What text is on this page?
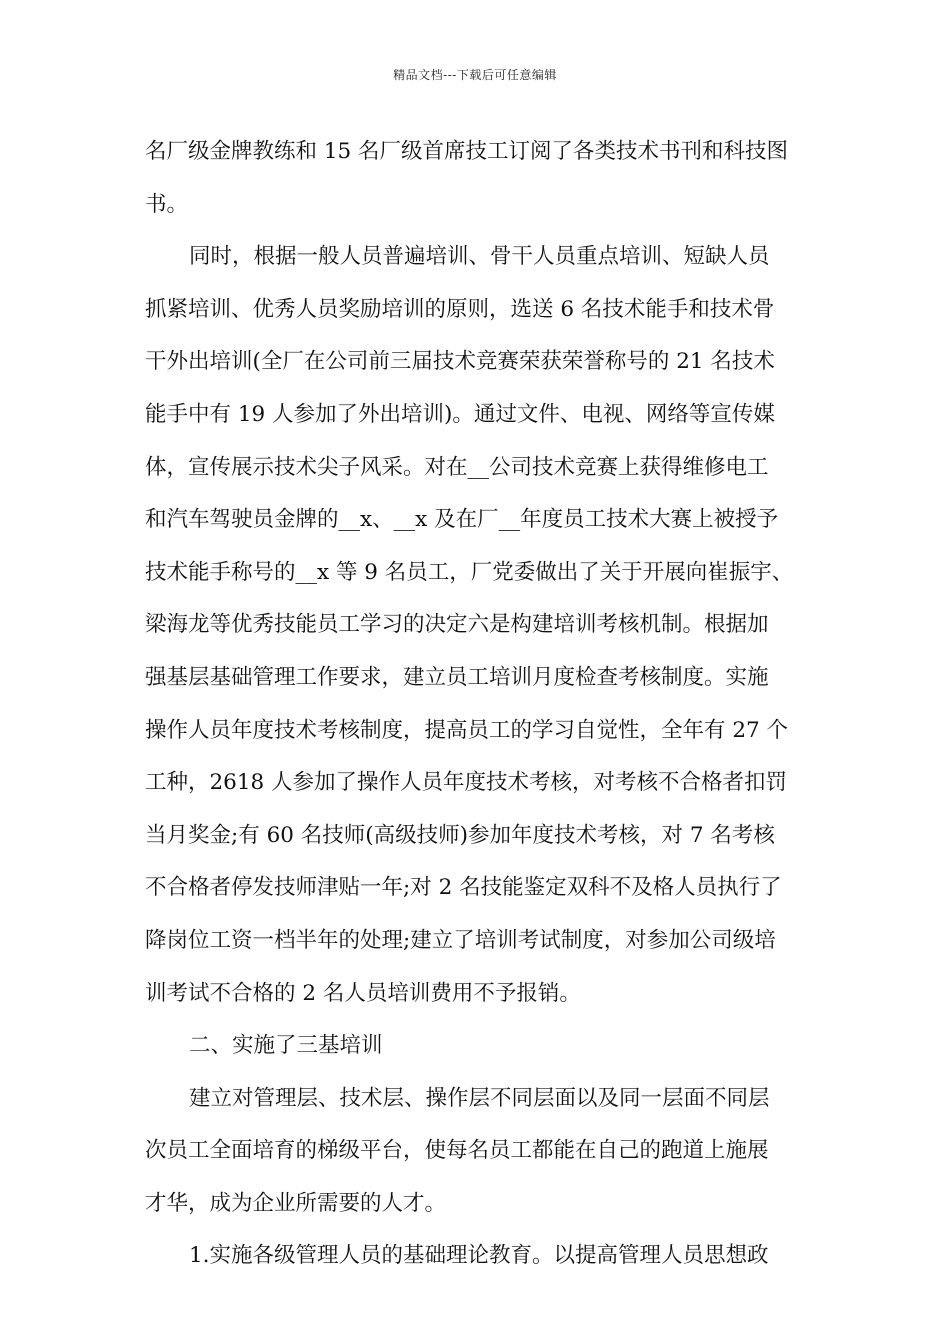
精品文档---下载后可任意编辑
名厂级金牌教练和 15 名厂级首席技工订阅了各类技术书刊和科技图
书。
同时，根据一般人员普遍培训、骨干人员重点培训、短缺人员
抓紧培训、优秀人员奖励培训的原则，选送 6 名技术能手和技术骨
干外出培训(全厂在公司前三届技术竞赛荣获荣誉称号的 21 名技术
能手中有 19 人参加了外出培训)。通过文件、电视、网络等宣传媒
体，宣传展示技术尖子风采。对在__公司技术竞赛上获得维修电工
和汽车驾驶员金牌的__x、__x 及在厂__年度员工技术大赛上被授予
技术能手称号的__x 等 9 名员工，厂党委做出了关于开展向崔振宇、
梁海龙等优秀技能员工学习的决定六是构建培训考核机制。根据加
强基层基础管理工作要求，建立员工培训月度检查考核制度。实施
操作人员年度技术考核制度，提高员工的学习自觉性，全年有 27 个
工种，2618 人参加了操作人员年度技术考核，对考核不合格者扣罚
当月奖金;有 60 名技师(高级技师)参加年度技术考核，对 7 名考核
不合格者停发技师津贴一年;对 2 名技能鉴定双科不及格人员执行了
降岗位工资一档半年的处理;建立了培训考试制度，对参加公司级培
训考试不合格的 2 名人员培训费用不予报销。
二、实施了三基培训
建立对管理层、技术层、操作层不同层面以及同一层面不同层
次员工全面培育的梯级平台，使每名员工都能在自己的跑道上施展
才华，成为企业所需要的人才。
1.实施各级管理人员的基础理论教育。以提高管理人员思想政
